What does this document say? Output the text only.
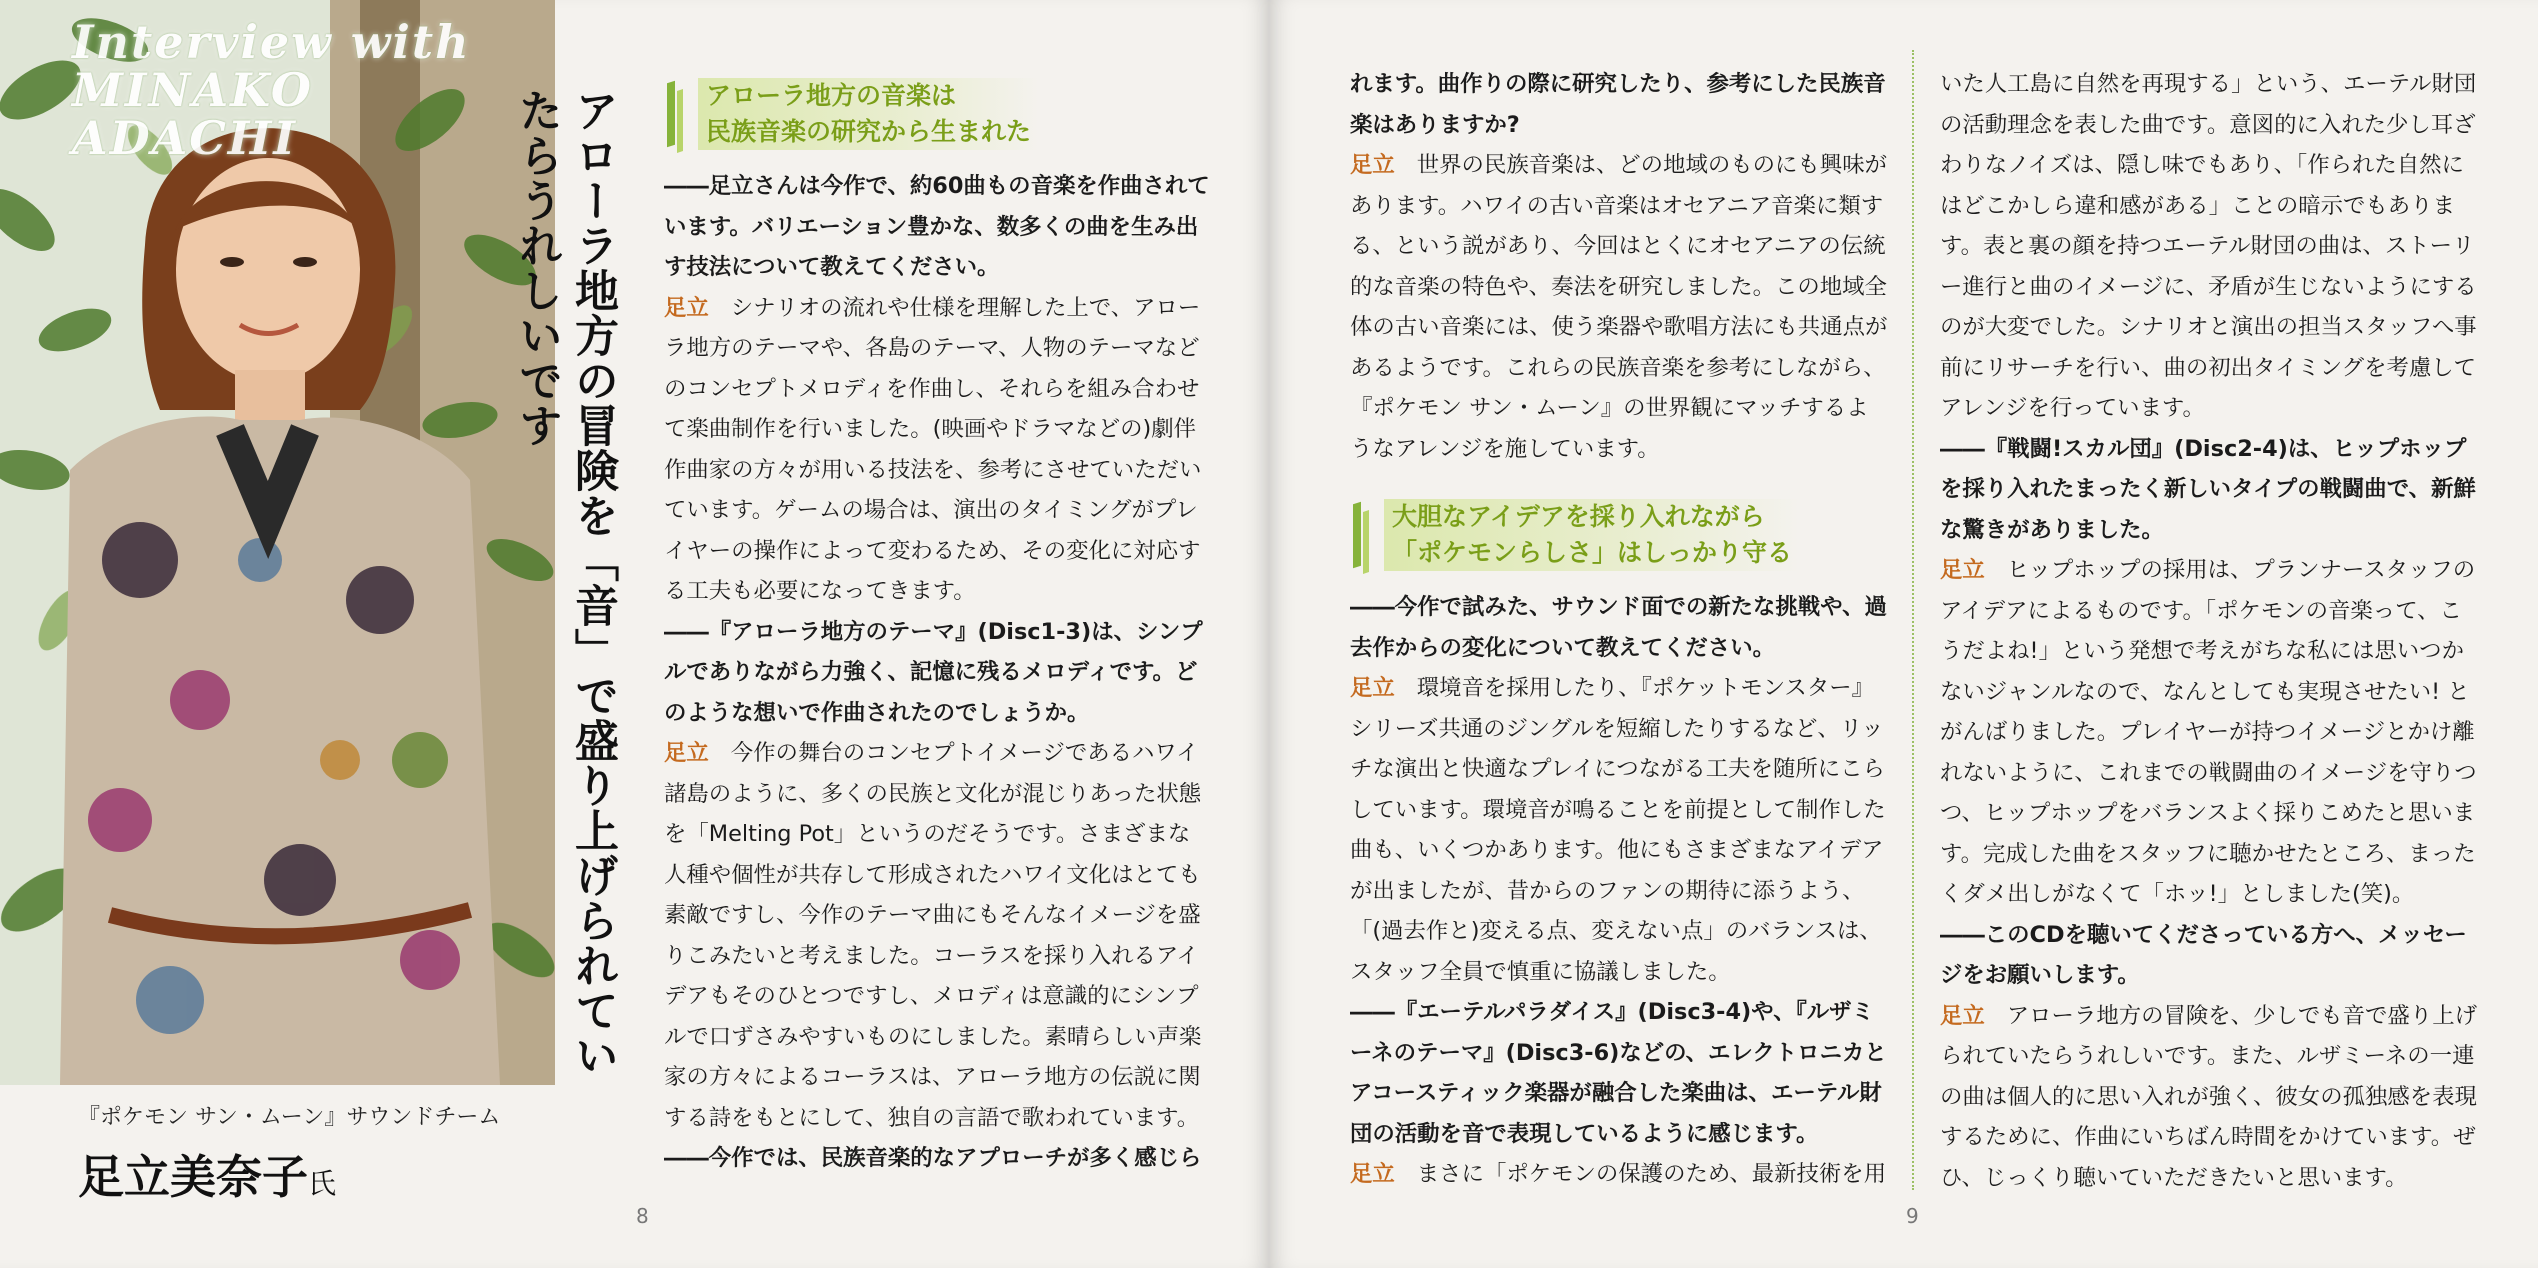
Interview with MINAKO ADACHI	アローラ地方の冒険を「音」で盛り上げられていたらうれしいです
『ポケモン サン・ムーン』サウンドチーム
足立美奈子氏
アローラ地方の音楽は
民族音楽の研究から生まれた

――足立さんは今作で、約60曲もの音楽を作曲されています。バリエーション豊かな、数多くの曲を生み出す技法について教えてください。

足立 シナリオの流れや仕様を理解した上で、アローラ地方のテーマや、各島のテーマ、人物のテーマなどのコンセプトメロディを作曲し、それらを組み合わせて楽曲制作を行いました。(映画やドラマなどの)劇伴作曲家の方々が用いる技法を、参考にさせていただいています。ゲームの場合は、演出のタイミングがプレイヤーの操作によって変わるため、その変化に対応する工夫も必要になってきます。

――『アローラ地方のテーマ』(Disc1-3)は、シンプルでありながら力強く、記憶に残るメロディです。どのような想いで作曲されたのでしょうか。

足立 今作の舞台のコンセプトイメージであるハワイ諸島のように、多くの民族と文化が混じりあった状態を「Melting Pot」というのだそうです。さまざまな人種や個性が共存して形成されたハワイ文化はとても素敵ですし、今作のテーマ曲にもそんなイメージを盛りこみたいと考えました。コーラスを採り入れるアイデアもそのひとつですし、メロディは意識的にシンプルで口ずさみやすいものにしました。素晴らしい声楽家の方々によるコーラスは、アローラ地方の伝説に関する詩をもとにして、独自の言語で歌われています。

――今作では、民族音楽的なアプローチが多く感じら

8

れます。曲作りの際に研究したり、参考にした民族音楽はありますか?

足立 世界の民族音楽は、どの地域のものにも興味があります。ハワイの古い音楽はオセアニア音楽に類する、という説があり、今回はとくにオセアニアの伝統的な音楽の特色や、奏法を研究しました。この地域全体の古い音楽には、使う楽器や歌唱方法にも共通点があるようです。これらの民族音楽を参考にしながら、『ポケモン サン・ムーン』の世界観にマッチするようなアレンジを施しています。

大胆なアイデアを採り入れながら
「ポケモンらしさ」はしっかり守る

――今作で試みた、サウンド面での新たな挑戦や、過去作からの変化について教えてください。

足立 環境音を採用したり、『ポケットモンスター』シリーズ共通のジングルを短縮したりするなど、リッチな演出と快適なプレイにつながる工夫を随所にこらしています。環境音が鳴ることを前提として制作した曲も、いくつかあります。他にもさまざまなアイデアが出ましたが、昔からのファンの期待に添うよう、「(過去作と)変える点、変えない点」のバランスは、スタッフ全員で慎重に協議しました。

――『エーテルパラダイス』(Disc3-4)や、『ルザミーネのテーマ』(Disc3-6)などの、エレクトロニカとアコースティック楽器が融合した楽曲は、エーテル財団の活動を音で表現しているように感じます。

足立 まさに「ポケモンの保護のため、最新技術を用

いた人工島に自然を再現する」という、エーテル財団の活動理念を表した曲です。意図的に入れた少し耳ざわりなノイズは、隠し味でもあり、「作られた自然にはどこかしら違和感がある」ことの暗示でもあります。表と裏の顔を持つエーテル財団の曲は、ストーリー進行と曲のイメージに、矛盾が生じないようにするのが大変でした。シナリオと演出の担当スタッフへ事前にリサーチを行い、曲の初出タイミングを考慮してアレンジを行っています。

――『戦闘!スカル団』(Disc2-4)は、ヒップホップを採り入れたまったく新しいタイプの戦闘曲で、新鮮な驚きがありました。

足立 ヒップホップの採用は、プランナースタッフのアイデアによるものです。「ポケモンの音楽って、こうだよね!」という発想で考えがちな私には思いつかないジャンルなので、なんとしても実現させたい! とがんばりました。プレイヤーが持つイメージとかけ離れないように、これまでの戦闘曲のイメージを守りつつ、ヒップホップをバランスよく採りこめたと思います。完成した曲をスタッフに聴かせたところ、まったくダメ出しがなくて「ホッ!」としました(笑)。

――このCDを聴いてくださっている方へ、メッセージをお願いします。

足立 アローラ地方の冒険を、少しでも音で盛り上げられていたらうれしいです。また、ルザミーネの一連の曲は個人的に思い入れが強く、彼女の孤独感を表現するために、作曲にいちばん時間をかけています。ぜひ、じっくり聴いていただきたいと思います。

9
